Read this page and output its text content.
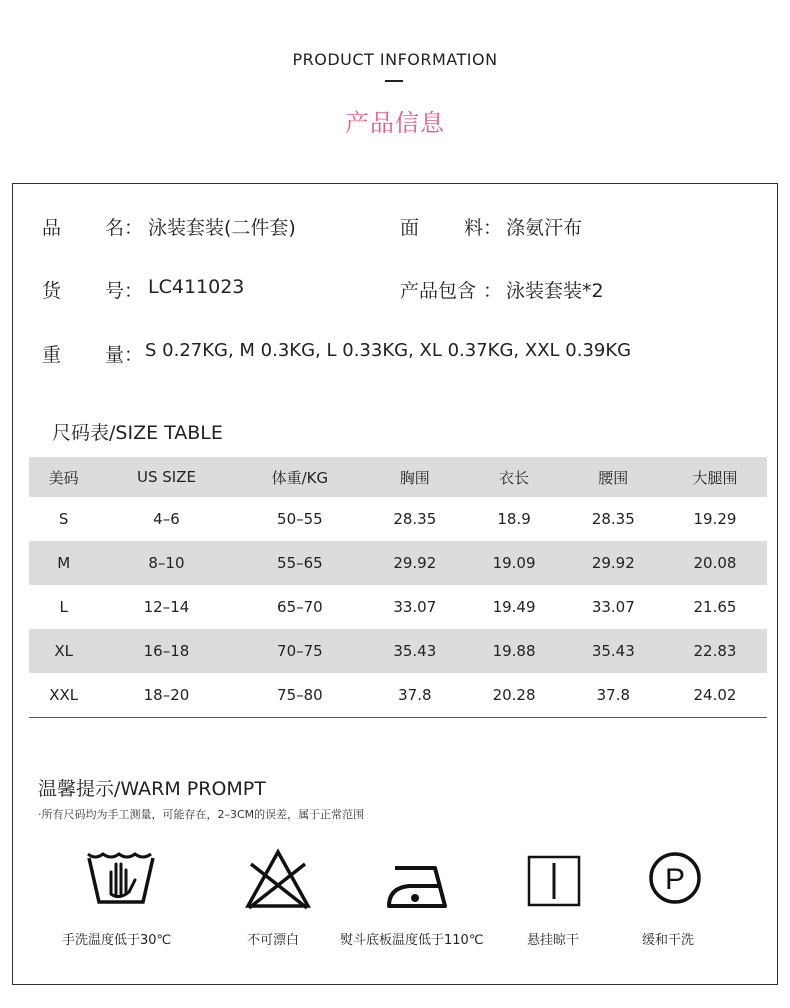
PRODUCT INFORMATION
产品信息
品 名 ： 泳装套装(二件套)	面 料 ： 涤氨汗布
货 号 ： LC411023	产品包含 ： 泳装套装*2
重 量 ： S 0.27KG, M 0.3KG, L 0.33KG, XL 0.37KG, XXL 0.39KG
尺码表/SIZE TABLE
美码	US SIZE	体重/KG	胸围	衣长	腰围	大腿围
S	4–6	50–55	28.35	18.9	28.35	19.29
M	8–10	55–65	29.92	19.09	29.92	20.08
L	12–14	65–70	33.07	19.49	33.07	21.65
XL	16–18	70–75	35.43	19.88	35.43	22.83
XXL	18–20	75–80	37.8	20.28	37.8	24.02
温馨提示/WARM PROMPT
·所有尺码均为手工测量，可能存在，2–3CM的误差，属于正常范围
P
手洗温度低于30℃	不可漂白	熨斗底板温度低于110℃	悬挂晾干	缓和干洗
